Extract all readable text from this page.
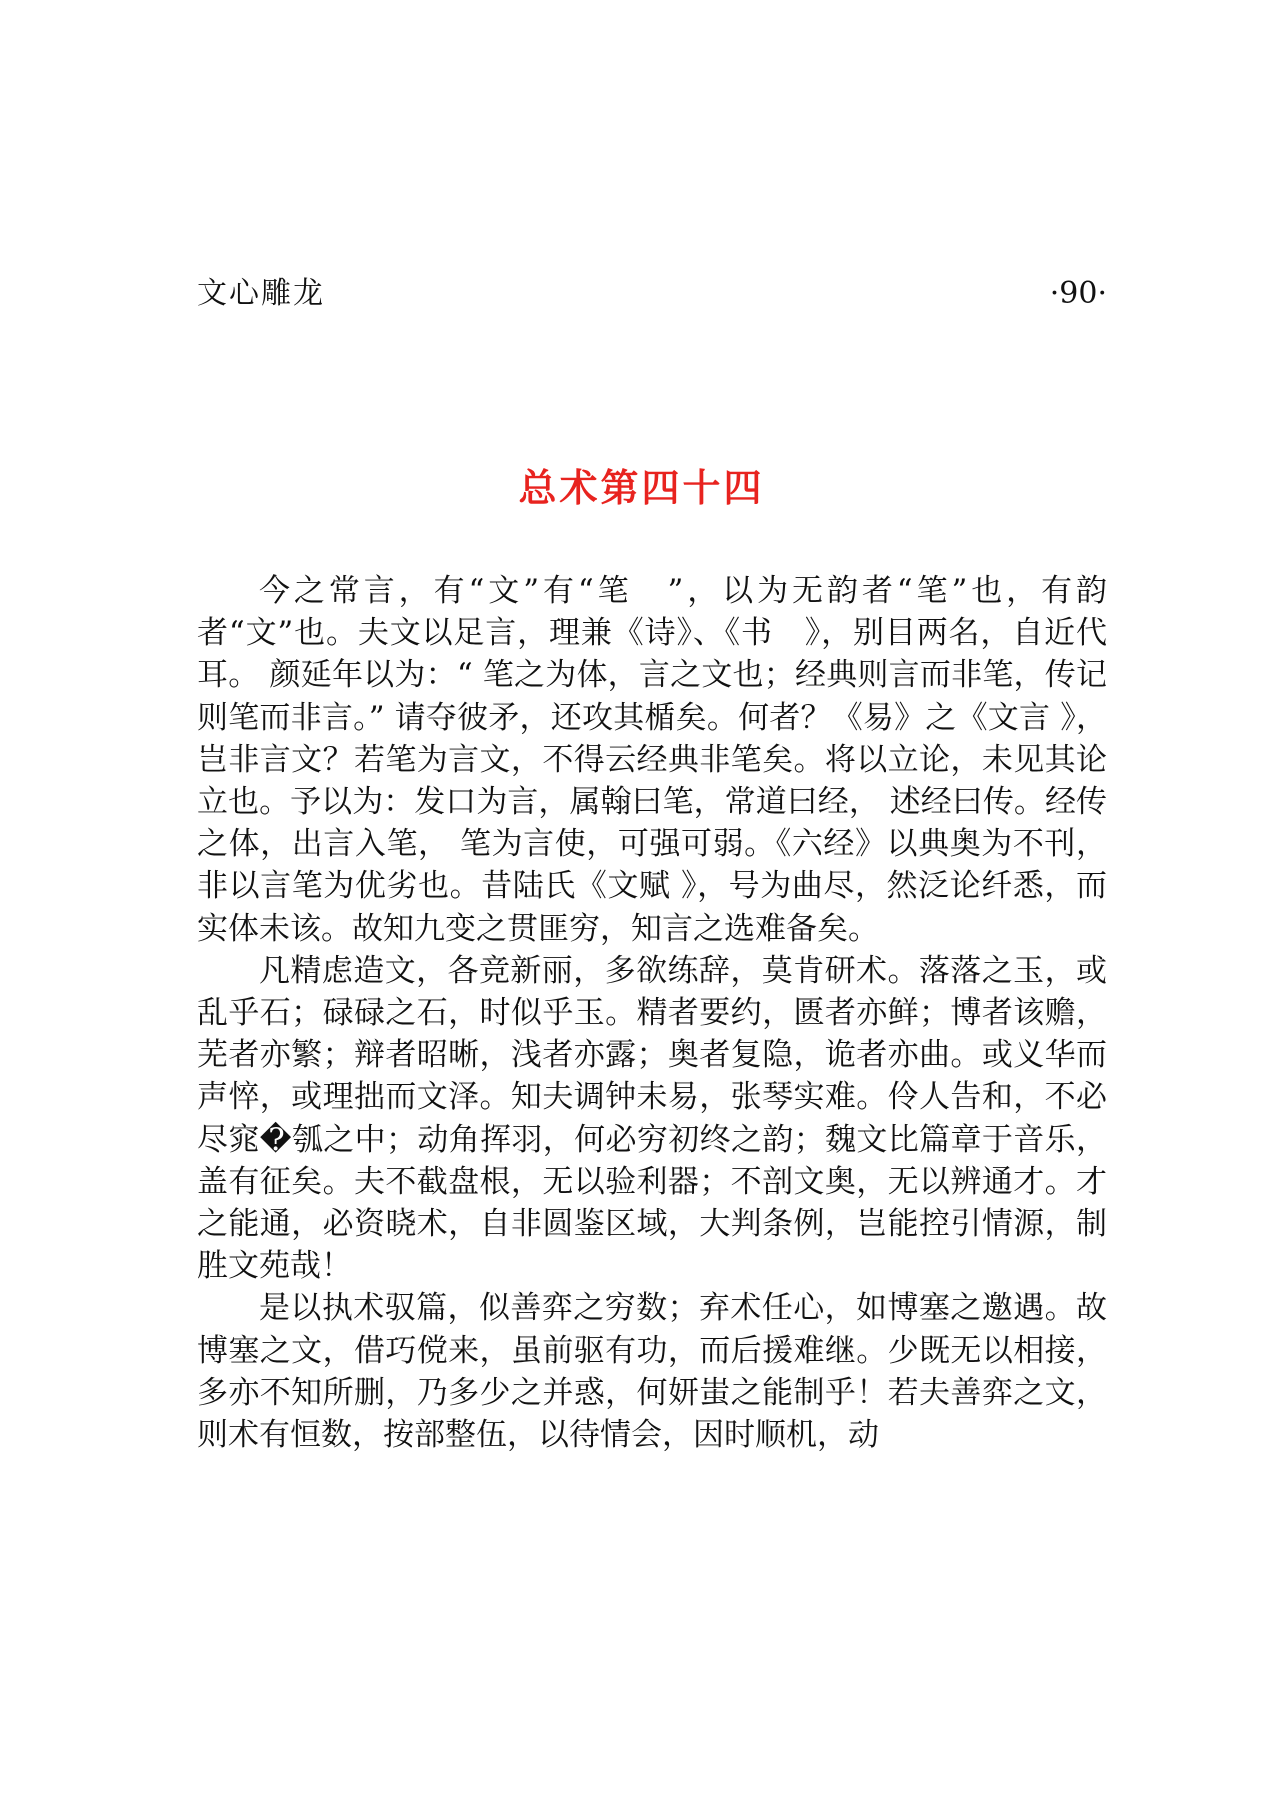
文心雕龙	·90·
总术第四十四

今之常言，有“文”有“笔　”，以为无韵者“笔”也，有韵者“文”也。夫文以足言，理兼《诗》、《书　》，别目两名，自近代耳。 颜延年以为：“ 笔之为体，言之文也；经典则言而非笔，传记则笔而非言。” 请夺彼矛，还攻其楯矣。何者？《易》之《文言 》，岂非言文？若笔为言文，不得云经典非笔矣。将以立论，未见其论立也。予以为：发口为言，属翰曰笔，常道曰经， 述经曰传。经传之体，出言入笔， 笔为言使，可强可弱。《六经》以典奥为不刊， 非以言笔为优劣也。昔陆氏《文赋 》，号为曲尽，然泛论纤悉，而实体未该。故知九变之贯匪穷，知言之选难备矣。

凡精虑造文，各竞新丽，多欲练辞，莫肯研术。落落之玉，或乱乎石；碌碌之石，时似乎玉。精者要约，匮者亦鲜；博者该赡，芜者亦繁；辩者昭晰，浅者亦露；奥者复隐，诡者亦曲。或义华而声悴，或理拙而文泽。知夫调钟未易，张琴实难。伶人告和，不必尽窕�瓠之中；动角挥羽，何必穷初终之韵；魏文比篇章于音乐，盖有征矣。夫不截盘根，无以验利器；不剖文奥，无以辨通才。才之能通，必资晓术，自非圆鉴区域，大判条例，岂能控引情源，制胜文苑哉！

是以执术驭篇，似善弈之穷数；弃术任心，如博塞之邀遇。故博塞之文，借巧傥来，虽前驱有功，而后援难继。少既无以相接，多亦不知所删，乃多少之并惑，何妍蚩之能制乎！若夫善弈之文，则术有恒数，按部整伍，以待情会，因时顺机，动
